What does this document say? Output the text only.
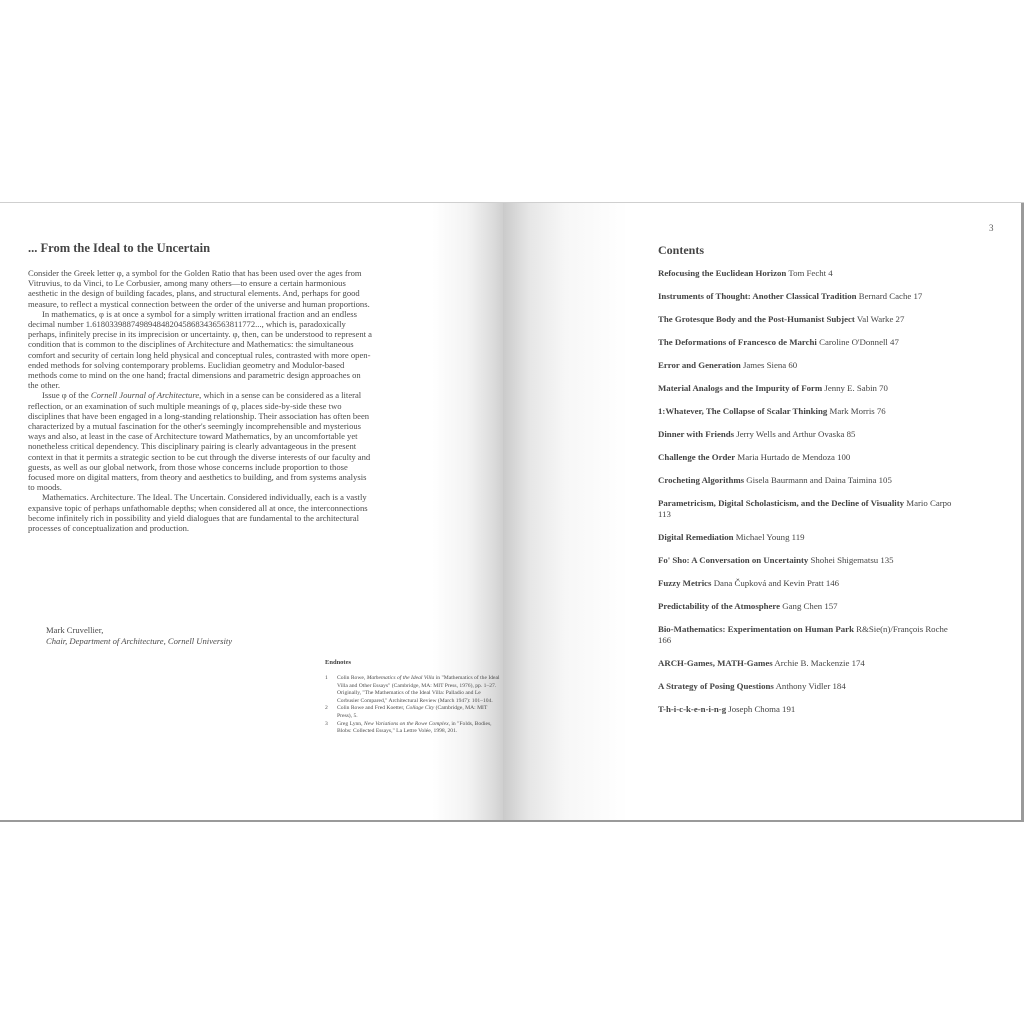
... From the Ideal to the Uncertain

Consider the Greek letter φ, a symbol for the Golden Ratio that has been used over the ages from Vitruvius, to da Vinci, to Le Corbusier, among many others—to ensure a certain harmonious aesthetic in the design of building facades, plans, and structural elements. And, perhaps for good measure, to reflect a mystical connection between the order of the universe and human proportions.

In mathematics, φ is at once a symbol for a simply written irrational fraction and an endless decimal number 1.61803398874989484820458683436563811772..., which is, paradoxically perhaps, infinitely precise in its imprecision or uncertainty. φ, then, can be understood to represent a condition that is common to the disciplines of Architecture and Mathematics: the simultaneous comfort and security of certain long held physical and conceptual rules, contrasted with more open-ended methods for solving contemporary problems. Euclidian geometry and Modulor-based methods come to mind on the one hand; fractal dimensions and parametric design approaches on the other.

Issue φ of the Cornell Journal of Architecture, which in a sense can be considered as a literal reflection, or an examination of such multiple meanings of φ, places side-by-side these two disciplines that have been engaged in a long-standing relationship. Their association has often been characterized by a mutual fascination for the other's seemingly incomprehensible and mysterious ways and also, at least in the case of Architecture toward Mathematics, by an uncomfortable yet nonetheless critical dependency. This disciplinary pairing is clearly advantageous in the present context in that it permits a strategic section to be cut through the diverse interests of our faculty and guests, as well as our global network, from those whose concerns include proportion to those focused more on digital matters, from theory and aesthetics to building, and from systems analysis to moods.

Mathematics. Architecture. The Ideal. The Uncertain. Considered individually, each is a vastly expansive topic of perhaps unfathomable depths; when considered all at once, the interconnections become infinitely rich in possibility and yield dialogues that are fundamental to the architectural processes of conceptualization and production.

Mark Cruvellier,
Chair, Department of Architecture, Cornell University
Endnotes
1 Colin Rowe, Mathematics of the Ideal Villa in "Mathematics of the Ideal Villa and Other Essays" (Cambridge, MA: MIT Press, 1976), pp. 1–27. Originally, "The Mathematics of the Ideal Villa: Palladio and Le Corbusier Compared," Architectural Review (March 1947): 101–104.
2 Colin Rowe and Fred Koetter, Collage City (Cambridge, MA: MIT Press), 5.
3 Greg Lynn, New Variations on the Rowe Complex, in "Folds, Bodies, Blobs: Collected Essays," La Lettre Volée, 1998, 201.
3
Contents
Refocusing the Euclidean Horizon Tom Fecht 4
Instruments of Thought: Another Classical Tradition Bernard Cache 17
The Grotesque Body and the Post-Humanist Subject Val Warke 27
The Deformations of Francesco de Marchi Caroline O'Donnell 47
Error and Generation James Siena 60
Material Analogs and the Impurity of Form Jenny E. Sabin 70
1:Whatever, The Collapse of Scalar Thinking Mark Morris 76
Dinner with Friends Jerry Wells and Arthur Ovaska 85
Challenge the Order Maria Hurtado de Mendoza 100
Crocheting Algorithms Gisela Baurmann and Daina Taimina 105
Parametricism, Digital Scholasticism, and the Decline of Visuality Mario Carpo 113
Digital Remediation Michael Young 119
Fo' Sho: A Conversation on Uncertainty Shohei Shigematsu 135
Fuzzy Metrics Dana Čupková and Kevin Pratt 146
Predictability of the Atmosphere Gang Chen 157
Bio-Mathematics: Experimentation on Human Park R&Sie(n)/François Roche 166
ARCH-Games, MATH-Games Archie B. Mackenzie 174
A Strategy of Posing Questions Anthony Vidler 184
T-h-i-c-k-e-n-i-n-g Joseph Choma 191
